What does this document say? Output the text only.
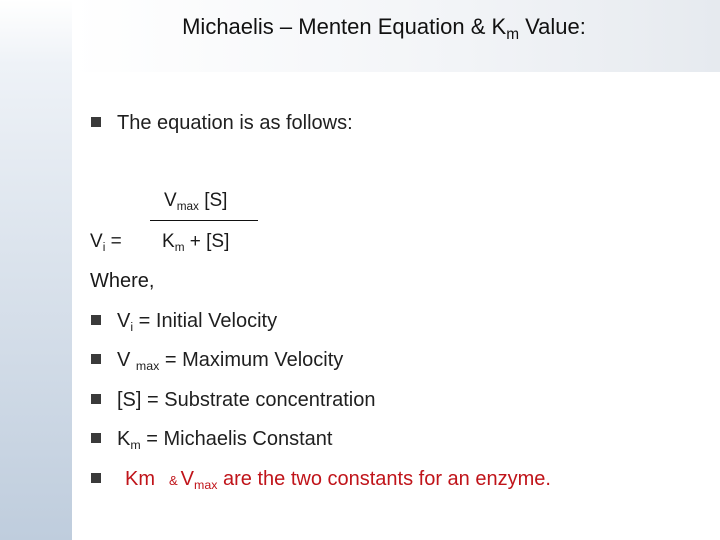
Michaelis – Menten Equation & $K_m$ Value:
The equation is as follows:
Vmax [S]
Vi = Km + [S]
Where,
Vi = Initial Velocity
V max = Maximum Velocity
[S] = Substrate concentration
Km = Michaelis Constant
Km & Vmax are the two constants for an enzyme.
